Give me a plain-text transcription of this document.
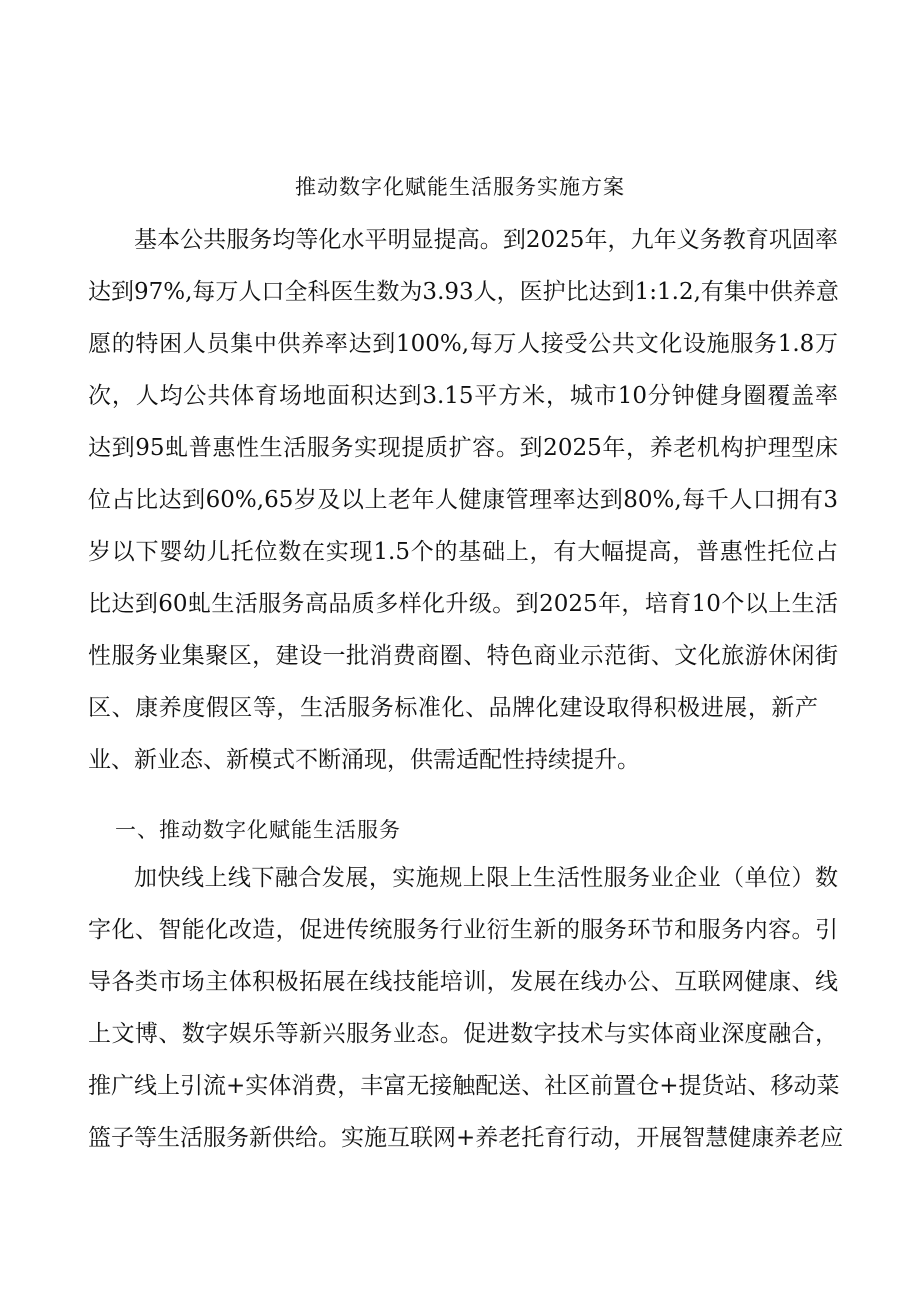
推动数字化赋能生活服务实施方案
基本公共服务均等化水平明显提高。到2025年，九年义务教育巩固率
达到97%,每万人口全科医生数为3.93人，医护比达到1:1.2,有集中供养意
愿的特困人员集中供养率达到100%,每万人接受公共文化设施服务1.8万
次，人均公共体育场地面积达到3.15平方米，城市10分钟健身圈覆盖率
达到95虬普惠性生活服务实现提质扩容。到2025年，养老机构护理型床
位占比达到60%,65岁及以上老年人健康管理率达到80%,每千人口拥有3
岁以下婴幼儿托位数在实现1.5个的基础上，有大幅提高，普惠性托位占
比达到60虬生活服务高品质多样化升级。到2025年，培育10个以上生活
性服务业集聚区，建设一批消费商圈、特色商业示范街、文化旅游休闲街
区、康养度假区等，生活服务标准化、品牌化建设取得积极进展，新产
业、新业态、新模式不断涌现，供需适配性持续提升。
一、推动数字化赋能生活服务
加快线上线下融合发展，实施规上限上生活性服务业企业（单位）数
字化、智能化改造，促进传统服务行业衍生新的服务环节和服务内容。引
导各类市场主体积极拓展在线技能培训，发展在线办公、互联网健康、线
上文博、数字娱乐等新兴服务业态。促进数字技术与实体商业深度融合，
推广线上引流+实体消费，丰富无接触配送、社区前置仓+提货站、移动菜
篮子等生活服务新供给。实施互联网+养老托育行动，开展智慧健康养老应
